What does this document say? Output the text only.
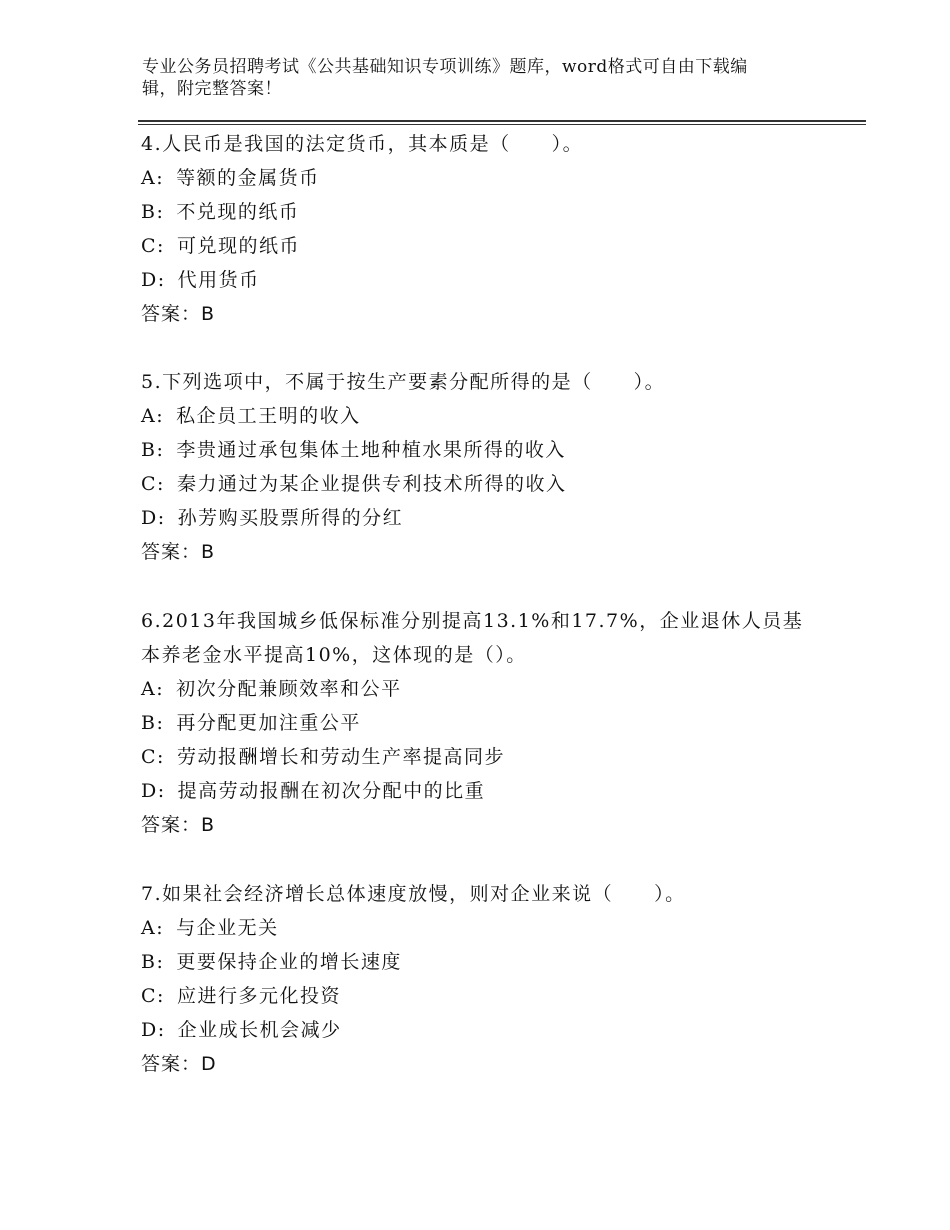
专业公务员招聘考试《公共基础知识专项训练》题库，word格式可自由下载编
辑，附完整答案！
4.人民币是我国的法定货币，其本质是（　　）。
A: 等额的金属货币
B: 不兑现的纸币
C: 可兑现的纸币
D: 代用货币
答案：B
5.下列选项中，不属于按生产要素分配所得的是（　　）。
A: 私企员工王明的收入
B: 李贵通过承包集体土地种植水果所得的收入
C: 秦力通过为某企业提供专利技术所得的收入
D: 孙芳购买股票所得的分红
答案：B
6.2013年我国城乡低保标准分别提高13.1%和17.7%，企业退休人员基
本养老金水平提高10%，这体现的是（）。
A: 初次分配兼顾效率和公平
B: 再分配更加注重公平
C: 劳动报酬增长和劳动生产率提高同步
D: 提高劳动报酬在初次分配中的比重
答案：B
7.如果社会经济增长总体速度放慢，则对企业来说（　　）。
A: 与企业无关
B: 更要保持企业的增长速度
C: 应进行多元化投资
D: 企业成长机会减少
答案：D
